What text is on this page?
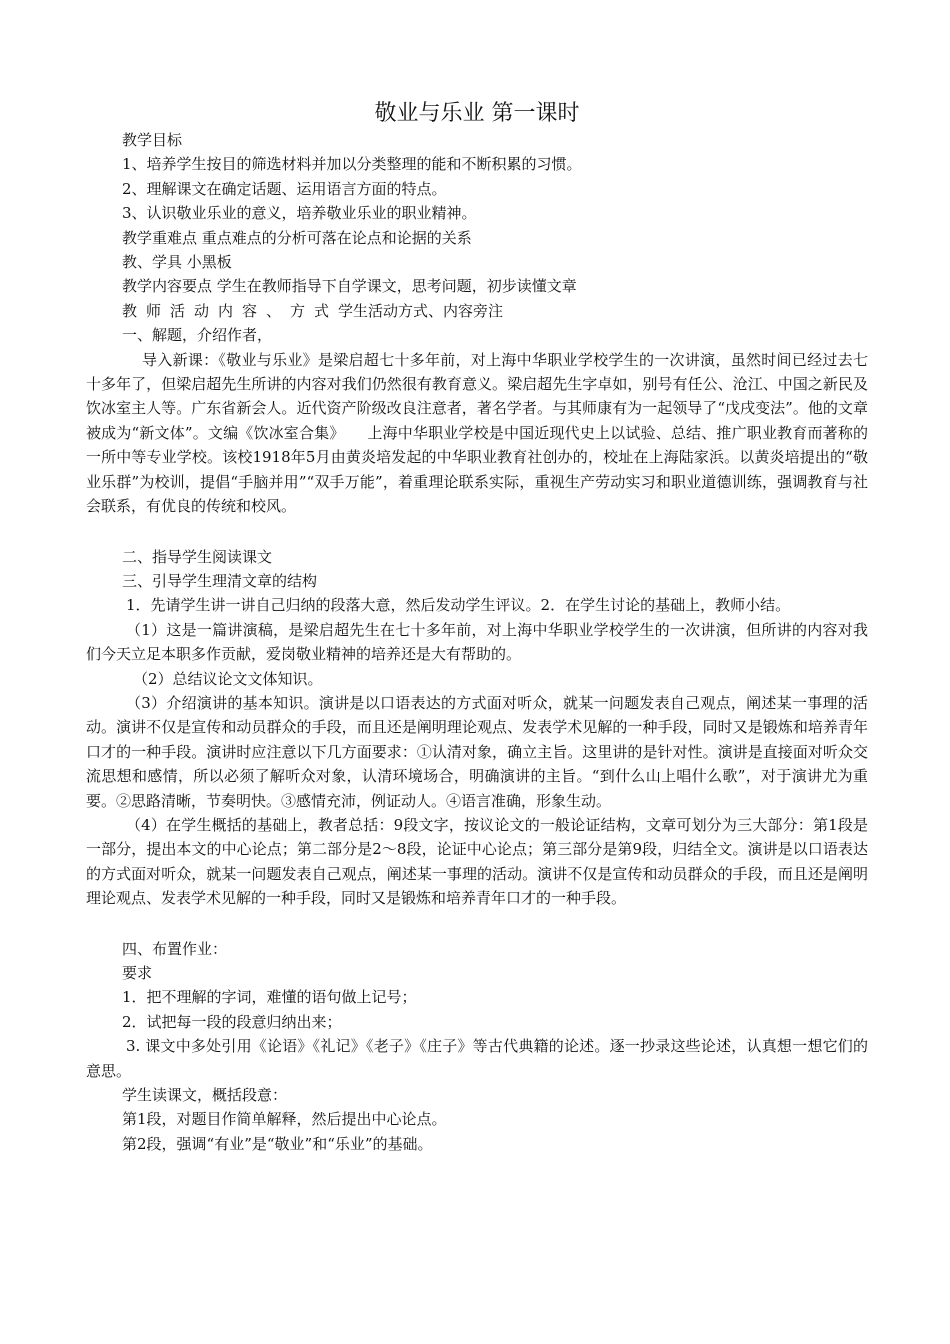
敬业与乐业 第一课时

教学目标

1、培养学生按目的筛选材料并加以分类整理的能和不断积累的习惯。

2、理解课文在确定话题、运用语言方面的特点。

3、认识敬业乐业的意义，培养敬业乐业的职业精神。

教学重难点 重点难点的分析可落在论点和论据的关系

教、学具 小黑板

教学内容要点 学生在教师指导下自学课文，思考问题，初步读懂文章

教师活动内容、方式学生活动方式、内容旁注

一、解题，介绍作者，

导入新课：《敬业与乐业》是梁启超七十多年前，对上海中华职业学校学生的一次讲演，虽然时间已经过去七十多年了，但梁启超先生所讲的内容对我们仍然很有教育意义。梁启超先生字卓如，别号有任公、沧江、中国之新民及饮冰室主人等。广东省新会人。近代资产阶级改良注意者，著名学者。与其师康有为一起领导了“戊戌变法”。他的文章被成为“新文体”。文编《饮冰室合集》　　上海中华职业学校是中国近现代史上以试验、总结、推广职业教育而著称的一所中等专业学校。该校1918年5月由黄炎培发起的中华职业教育社创办的，校址在上海陆家浜。以黄炎培提出的“敬业乐群”为校训，提倡“手脑并用”“双手万能”，着重理论联系实际，重视生产劳动实习和职业道德训练，强调教育与社会联系，有优良的传统和校风。

二、指导学生阅读课文

三、引导学生理清文章的结构

1．先请学生讲一讲自己归纳的段落大意，然后发动学生评议。2．在学生讨论的基础上，教师小结。

（1）这是一篇讲演稿，是梁启超先生在七十多年前，对上海中华职业学校学生的一次讲演，但所讲的内容对我们今天立足本职多作贡献，爱岗敬业精神的培养还是大有帮助的。

（2）总结议论文文体知识。

（3）介绍演讲的基本知识。演讲是以口语表达的方式面对听众，就某一问题发表自己观点，阐述某一事理的活动。演讲不仅是宣传和动员群众的手段，而且还是阐明理论观点、发表学术见解的一种手段，同时又是锻炼和培养青年口才的一种手段。演讲时应注意以下几方面要求：①认清对象，确立主旨。这里讲的是针对性。演讲是直接面对听众交流思想和感情，所以必须了解听众对象，认清环境场合，明确演讲的主旨。“到什么山上唱什么歌”，对于演讲尤为重要。②思路清晰，节奏明快。③感情充沛，例证动人。④语言准确，形象生动。

（4）在学生概括的基础上，教者总括：9段文字，按议论文的一般论证结构，文章可划分为三大部分：第1段是一部分，提出本文的中心论点；第二部分是2～8段，论证中心论点；第三部分是第9段，归结全文。演讲是以口语表达的方式面对听众，就某一问题发表自己观点，阐述某一事理的活动。演讲不仅是宣传和动员群众的手段，而且还是阐明理论观点、发表学术见解的一种手段，同时又是锻炼和培养青年口才的一种手段。

四、布置作业：

要求

1．把不理解的字词，难懂的语句做上记号；

2．试把每一段的段意归纳出来；

3. 课文中多处引用《论语》《礼记》《老子》《庄子》等古代典籍的论述。逐一抄录这些论述，认真想一想它们的意思。

学生读课文，概括段意：

第1段，对题目作简单解释，然后提出中心论点。

第2段，强调“有业”是“敬业”和“乐业”的基础。
